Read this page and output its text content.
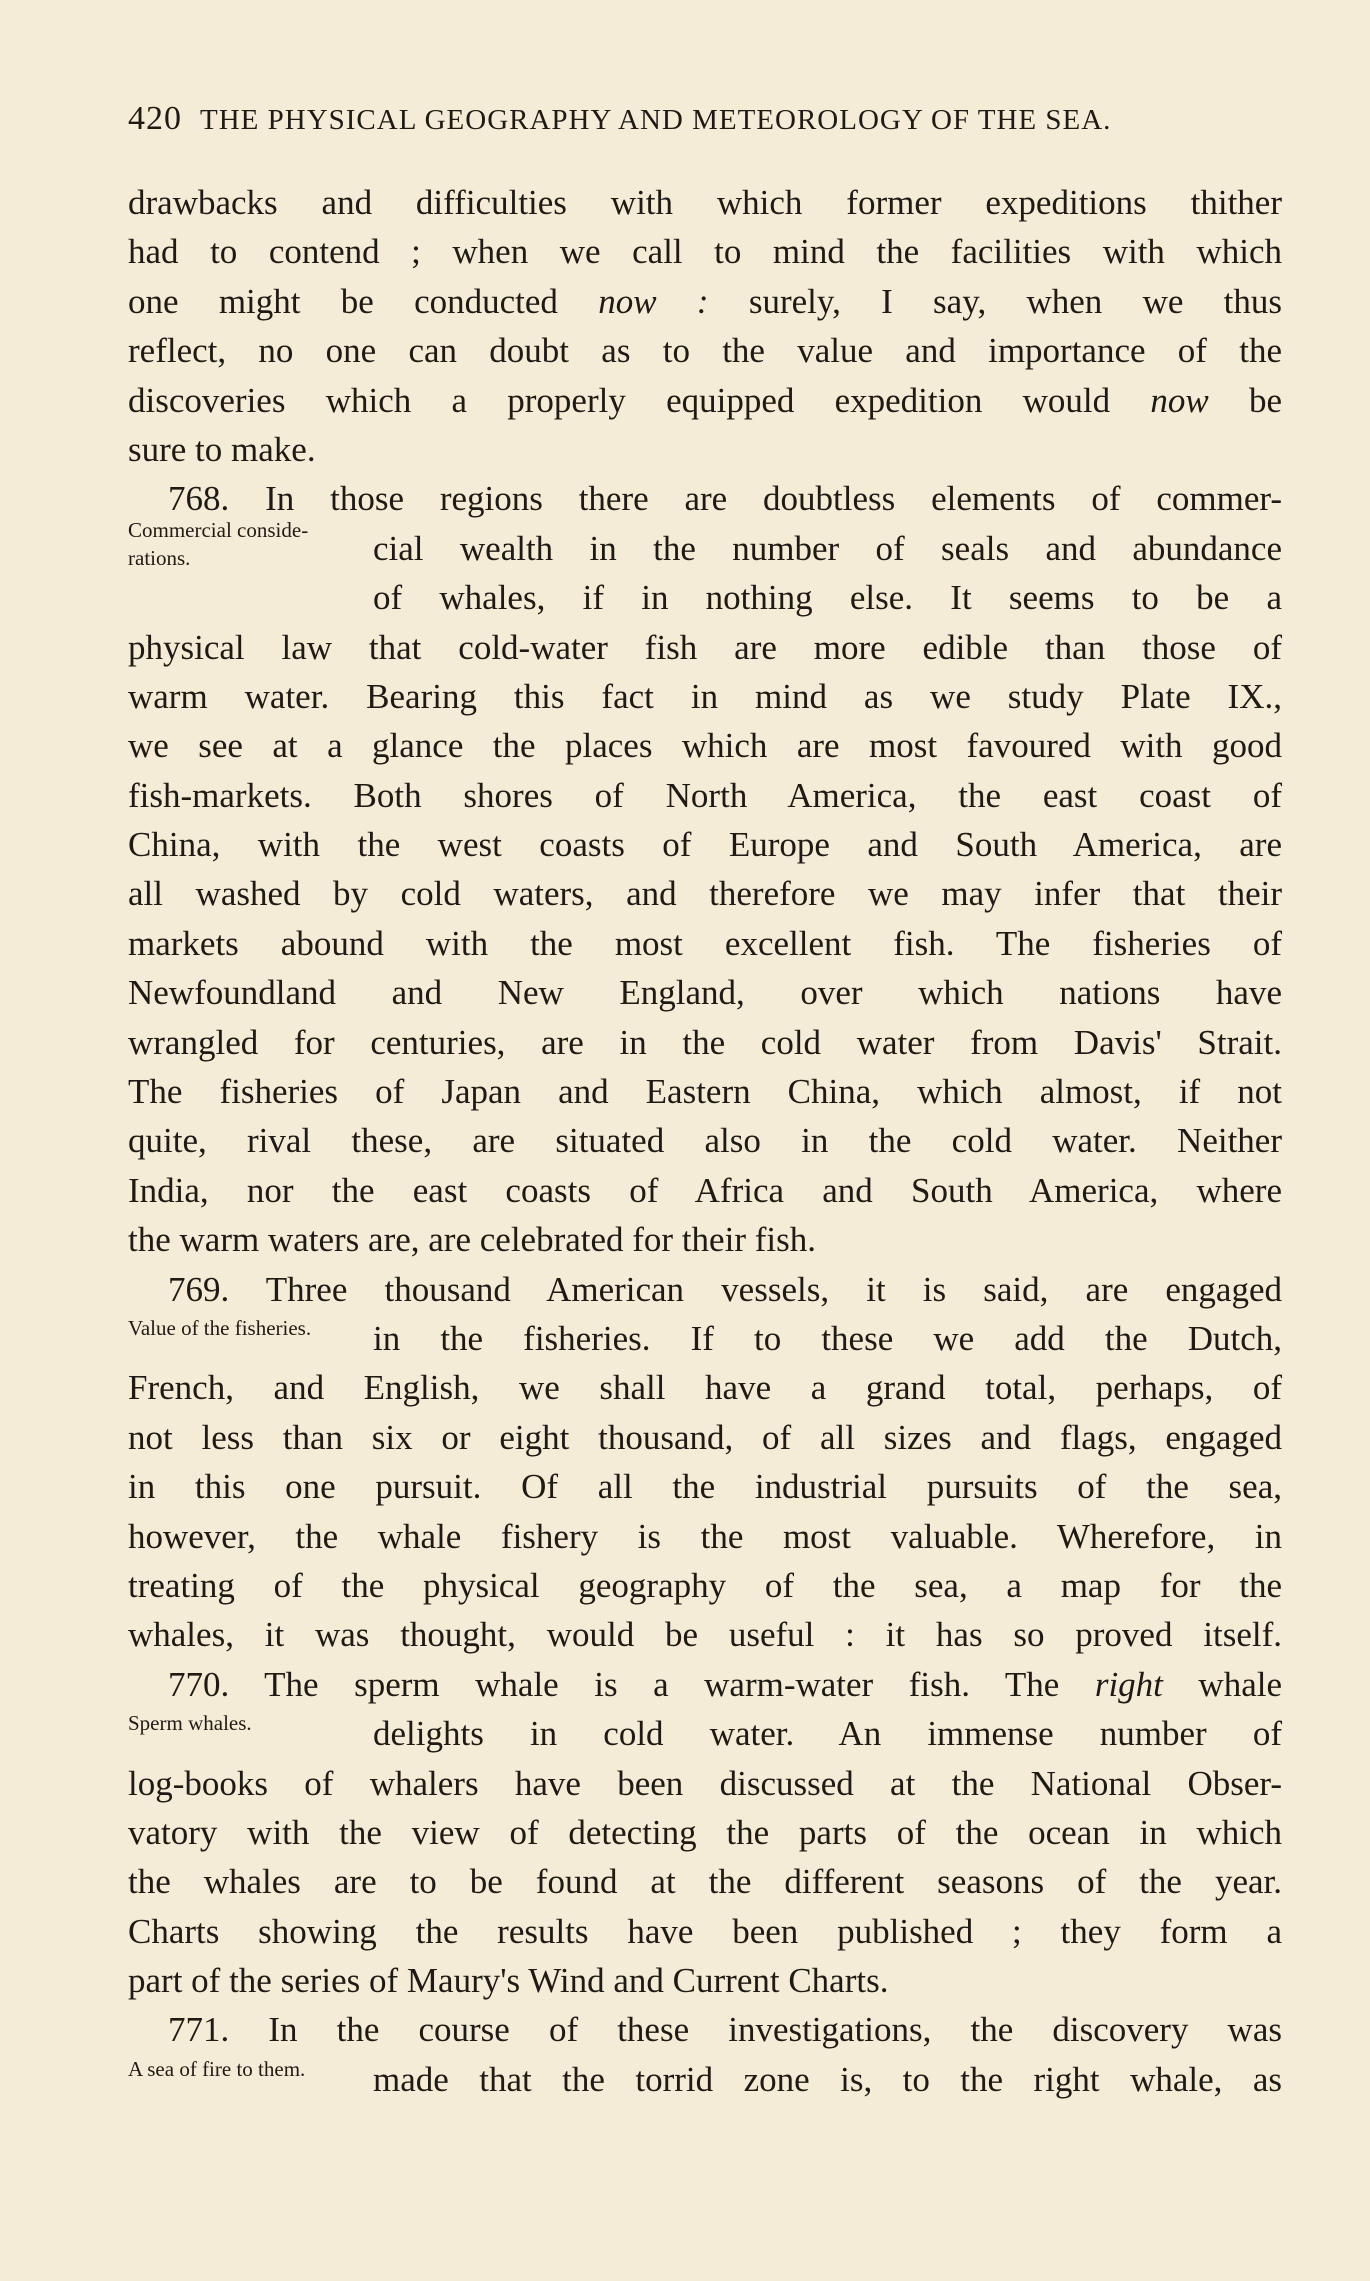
420 THE PHYSICAL GEOGRAPHY AND METEOROLOGY OF THE SEA.
drawbacks and difficulties with which former expeditions thither
had to contend ; when we call to mind the facilities with which
one might be conducted now : surely, I say, when we thus
reflect, no one can doubt as to the value and importance of the
discoveries which a properly equipped expedition would now be
sure to make.
768. In those regions there are doubtless elements of commer-
Commercial conside-
rations.	cial wealth in the number of seals and abundance
of whales, if in nothing else. It seems to be a
physical law that cold-water fish are more edible than those of
warm water. Bearing this fact in mind as we study Plate IX.,
we see at a glance the places which are most favoured with good
fish-markets. Both shores of North America, the east coast of
China, with the west coasts of Europe and South America, are
all washed by cold waters, and therefore we may infer that their
markets abound with the most excellent fish. The fisheries of
Newfoundland and New England, over which nations have
wrangled for centuries, are in the cold water from Davis' Strait.
The fisheries of Japan and Eastern China, which almost, if not
quite, rival these, are situated also in the cold water. Neither
India, nor the east coasts of Africa and South America, where
the warm waters are, are celebrated for their fish.
769. Three thousand American vessels, it is said, are engaged
Value of the fisheries. in the fisheries. If to these we add the Dutch,
French, and English, we shall have a grand total, perhaps, of
not less than six or eight thousand, of all sizes and flags, engaged
in this one pursuit. Of all the industrial pursuits of the sea,
however, the whale fishery is the most valuable. Wherefore, in
treating of the physical geography of the sea, a map for the
whales, it was thought, would be useful : it has so proved itself.
770. The sperm whale is a warm-water fish. The right whale
Sperm whales.	delights in cold water. An immense number of
log-books of whalers have been discussed at the National Obser-
vatory with the view of detecting the parts of the ocean in which
the whales are to be found at the different seasons of the year.
Charts showing the results have been published ; they form a
part of the series of Maury's Wind and Current Charts.
771. In the course of these investigations, the discovery was
A sea of fire to them. made that the torrid zone is, to the right whale, as
